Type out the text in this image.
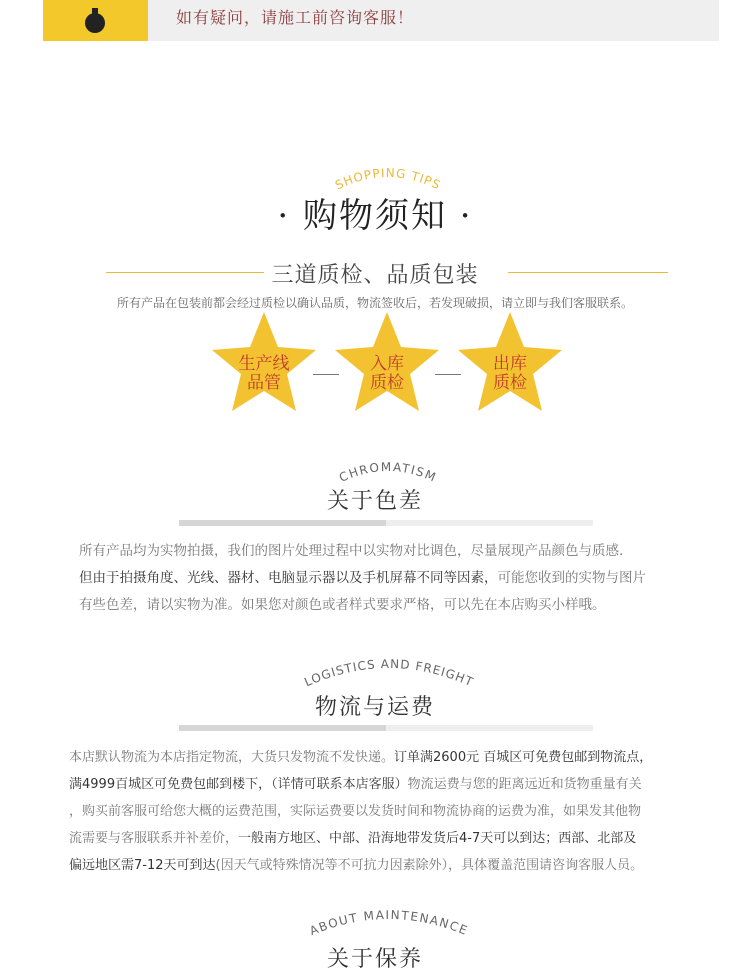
如有疑问，请施工前咨询客服！
SHOPPING TIPS
· 购物须知 ·
三道质检、品质包装
所有产品在包装前都会经过质检以确认品质，物流签收后，若发现破损，请立即与我们客服联系。
生产线
品管
入库
质检
出库
质检
CHROMATISM
关于色差
所有产品均为实物拍摄，我们的图片处理过程中以实物对比调色，尽量展现产品颜色与质感.
但由于拍摄角度、光线、器材、电脑显示器以及手机屏幕不同等因素，可能您收到的实物与图片
有些色差，请以实物为准。如果您对颜色或者样式要求严格，可以先在本店购买小样哦。
LOGISTICS AND FREIGHT
物流与运费
本店默认物流为本店指定物流，大货只发物流不发快递。订单满2600元 百城区可免费包邮到物流点，
满4999百城区可免费包邮到楼下，（详情可联系本店客服）物流运费与您的距离远近和货物重量有关
，购买前客服可给您大概的运费范围，实际运费要以发货时间和物流协商的运费为准，如果发其他物
流需要与客服联系并补差价，一般南方地区、中部、沿海地带发货后4-7天可以到达；西部、北部及
偏远地区需7-12天可到达(因天气或特殊情况等不可抗力因素除外），具体覆盖范围请咨询客服人员。
ABOUT MAINTENANCE
关于保养
